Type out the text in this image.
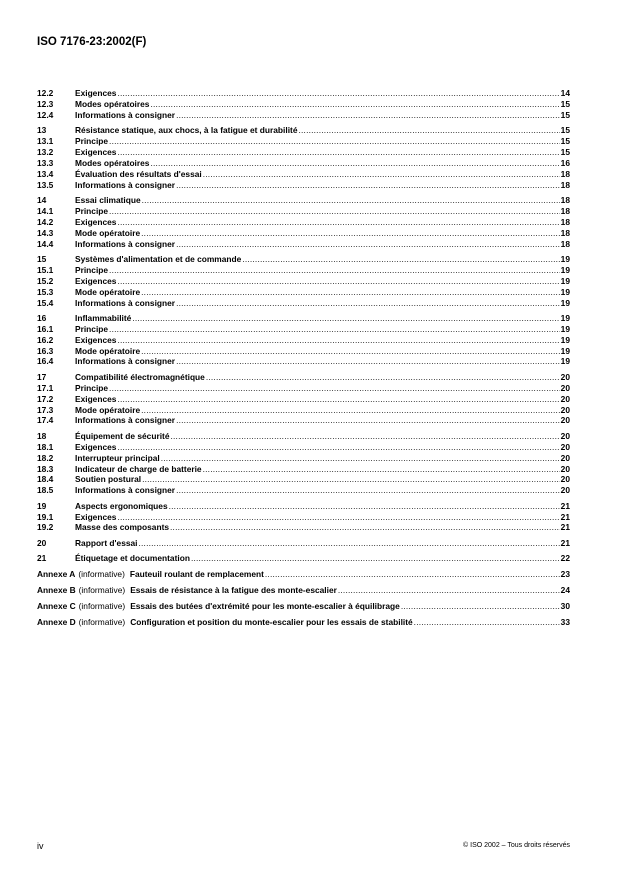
ISO 7176-23:2002(F)
12.2	Exigences .....	14
12.3	Modes opératoires .....	15
12.4	Informations à consigner .....	15
13	Résistance statique, aux chocs, à la fatigue et durabilité .....	15
13.1	Principe .....	15
13.2	Exigences .....	15
13.3	Modes opératoires .....	16
13.4	Évaluation des résultats d'essai .....	18
13.5	Informations à consigner .....	18
14	Essai climatique .....	18
14.1	Principe .....	18
14.2	Exigences .....	18
14.3	Mode opératoire .....	18
14.4	Informations à consigner .....	18
15	Systèmes d'alimentation et de commande .....	19
15.1	Principe .....	19
15.2	Exigences .....	19
15.3	Mode opératoire .....	19
15.4	Informations à consigner .....	19
16	Inflammabilité .....	19
16.1	Principe .....	19
16.2	Exigences .....	19
16.3	Mode opératoire .....	19
16.4	Informations à consigner .....	19
17	Compatibilité électromagnétique .....	20
17.1	Principe .....	20
17.2	Exigences .....	20
17.3	Mode opératoire .....	20
17.4	Informations à consigner .....	20
18	Équipement de sécurité .....	20
18.1	Exigences .....	20
18.2	Interrupteur principal .....	20
18.3	Indicateur de charge de batterie .....	20
18.4	Soutien postural .....	20
18.5	Informations à consigner .....	20
19	Aspects ergonomiques .....	21
19.1	Exigences .....	21
19.2	Masse des composants .....	21
20	Rapport d'essai .....	21
21	Étiquetage et documentation .....	22
Annexe A (informative) Fauteuil roulant de remplacement .....	23
Annexe B (informative) Essais de résistance à la fatigue des monte-escalier .....	24
Annexe C (informative) Essais des butées d'extrémité pour les monte-escalier à équilibrage .....	30
Annexe D (informative) Configuration et position du monte-escalier pour les essais de stabilité .....	33
iv	© ISO 2002 – Tous droits réservés
